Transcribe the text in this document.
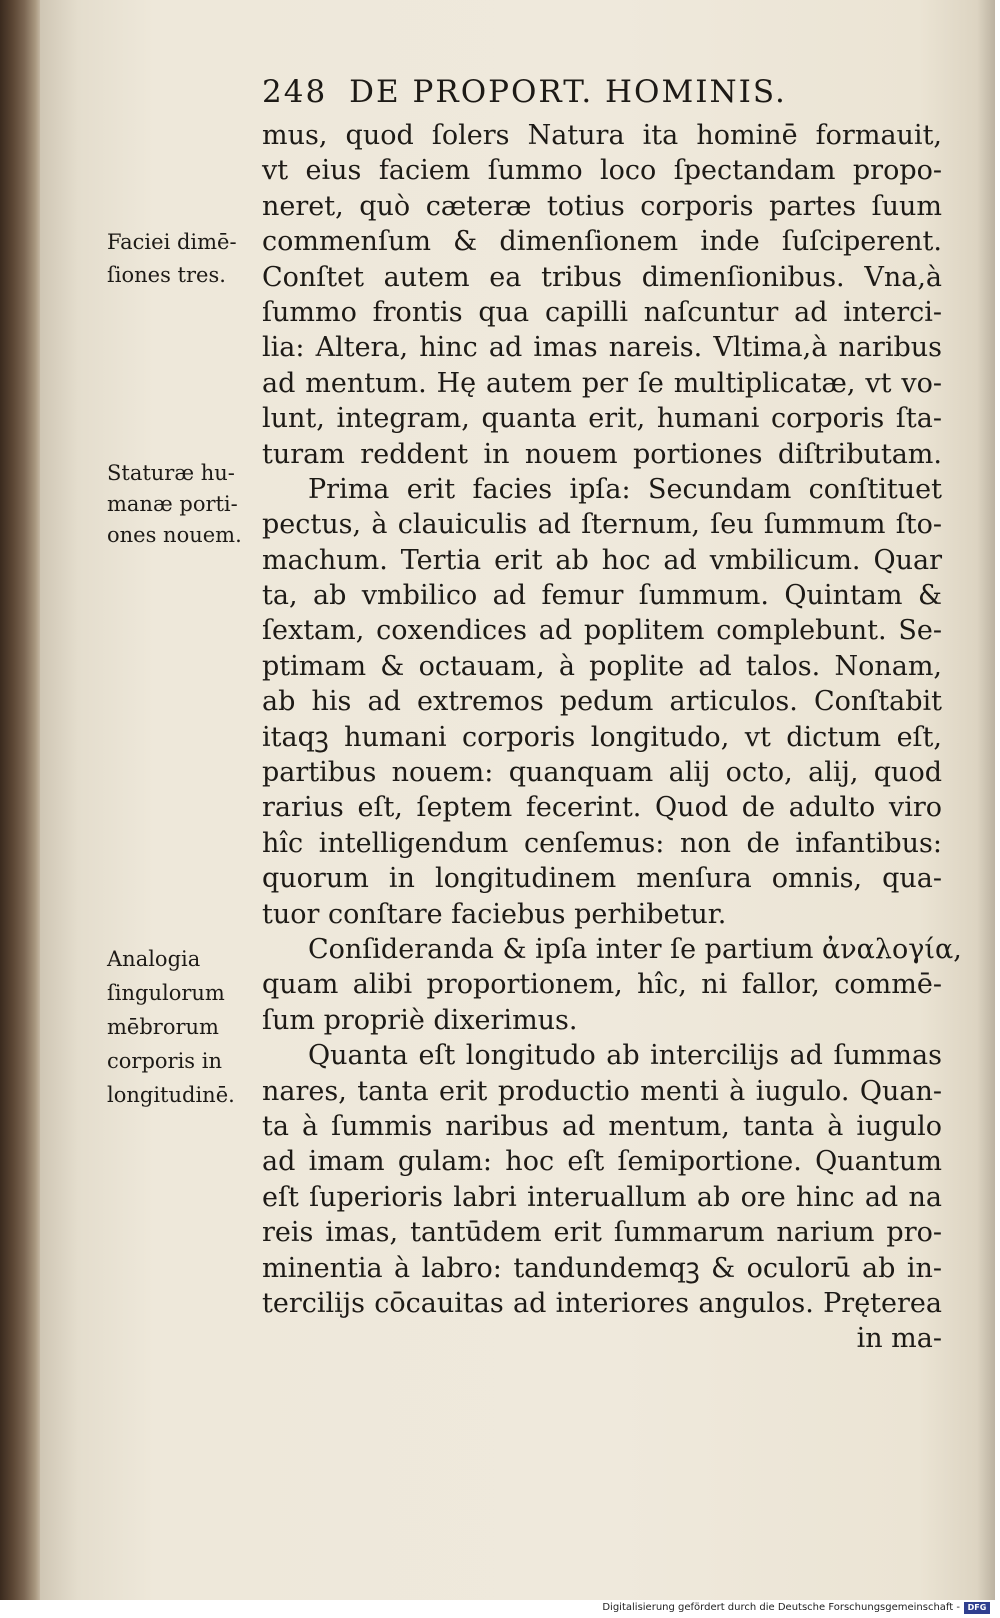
248 DE PROPORT. HOMINIS.
mus, quod ſolers Natura ita hominē formauit,
vt eius faciem ſummo loco ſpectandam propo-
neret, quò cæteræ totius corporis partes ſuum
commenſum & dimenſionem inde ſuſciperent.
Conſtet autem ea tribus dimenſionibus. Vna,à
ſummo frontis qua capilli naſcuntur ad interci-
lia: Altera, hinc ad imas nareis. Vltima,à naribus
ad mentum. Hę autem per ſe multiplicatæ, vt vo-
lunt, integram, quanta erit, humani corporis ſta-
turam reddent in nouem portiones diſtributam.
Prima erit facies ipſa: Secundam conſtituet
pectus, à clauiculis ad ſternum, ſeu ſummum ſto-
machum. Tertia erit ab hoc ad vmbilicum. Quar
ta, ab vmbilico ad femur ſummum. Quintam &
ſextam, coxendices ad poplitem complebunt. Se-
ptimam & octauam, à poplite ad talos. Nonam,
ab his ad extremos pedum articulos. Conſtabit
itaqꝫ humani corporis longitudo, vt dictum eſt,
partibus nouem: quanquam alij octo, alij, quod
rarius eſt, ſeptem fecerint. Quod de adulto viro
hîc intelligendum cenſemus: non de infantibus:
quorum in longitudinem menſura omnis, qua-
tuor conſtare faciebus perhibetur.
Conſideranda & ipſa inter ſe partium ἀναλογία,
quam alibi proportionem, hîc, ni fallor, commē-
ſum propriè dixerimus.
Quanta eſt longitudo ab intercilijs ad ſummas
nares, tanta erit productio menti à iugulo. Quan-
ta à ſummis naribus ad mentum, tanta à iugulo
ad imam gulam: hoc eſt ſemiportione. Quantum
eſt ſuperioris labri interuallum ab ore hinc ad na
reis imas, tantūdem erit ſummarum narium pro-
minentia à labro: tandundemqꝫ & oculorū ab in-
tercilijs cōcauitas ad interiores angulos. Pręterea
in ma-
Faciei dimē-
ſiones tres.
Staturæ hu-
manæ porti-
ones nouem.
Analogia
ſingulorum
mēbrorum
corporis in
longitudinē.
Digitalisierung gefördert durch die Deutsche Forschungsgemeinschaft - DFG
